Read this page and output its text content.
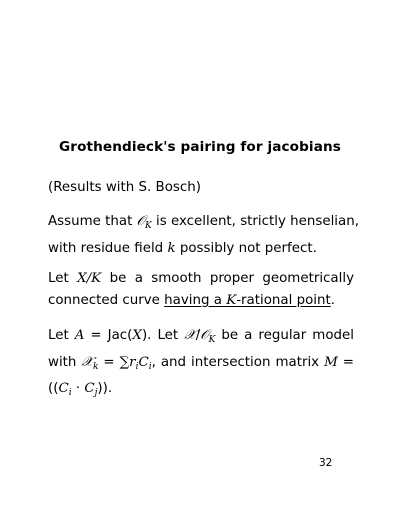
Grothendieck's pairing for jacobians
(Results with S. Bosch)
Assume that 𝒪$_K$ is excellent, strictly henselian,
with residue field k possibly not perfect.
Let X/K be a smooth proper geometrically
connected curve having a K-rational point.
Let A = Jac(X). Let 𝒳/𝒪$_K$ be a regular model
with 𝒳$_k$ = $\sum r_iC_i$, and intersection matrix M =
$((C_i \cdot C_j))$.
32
